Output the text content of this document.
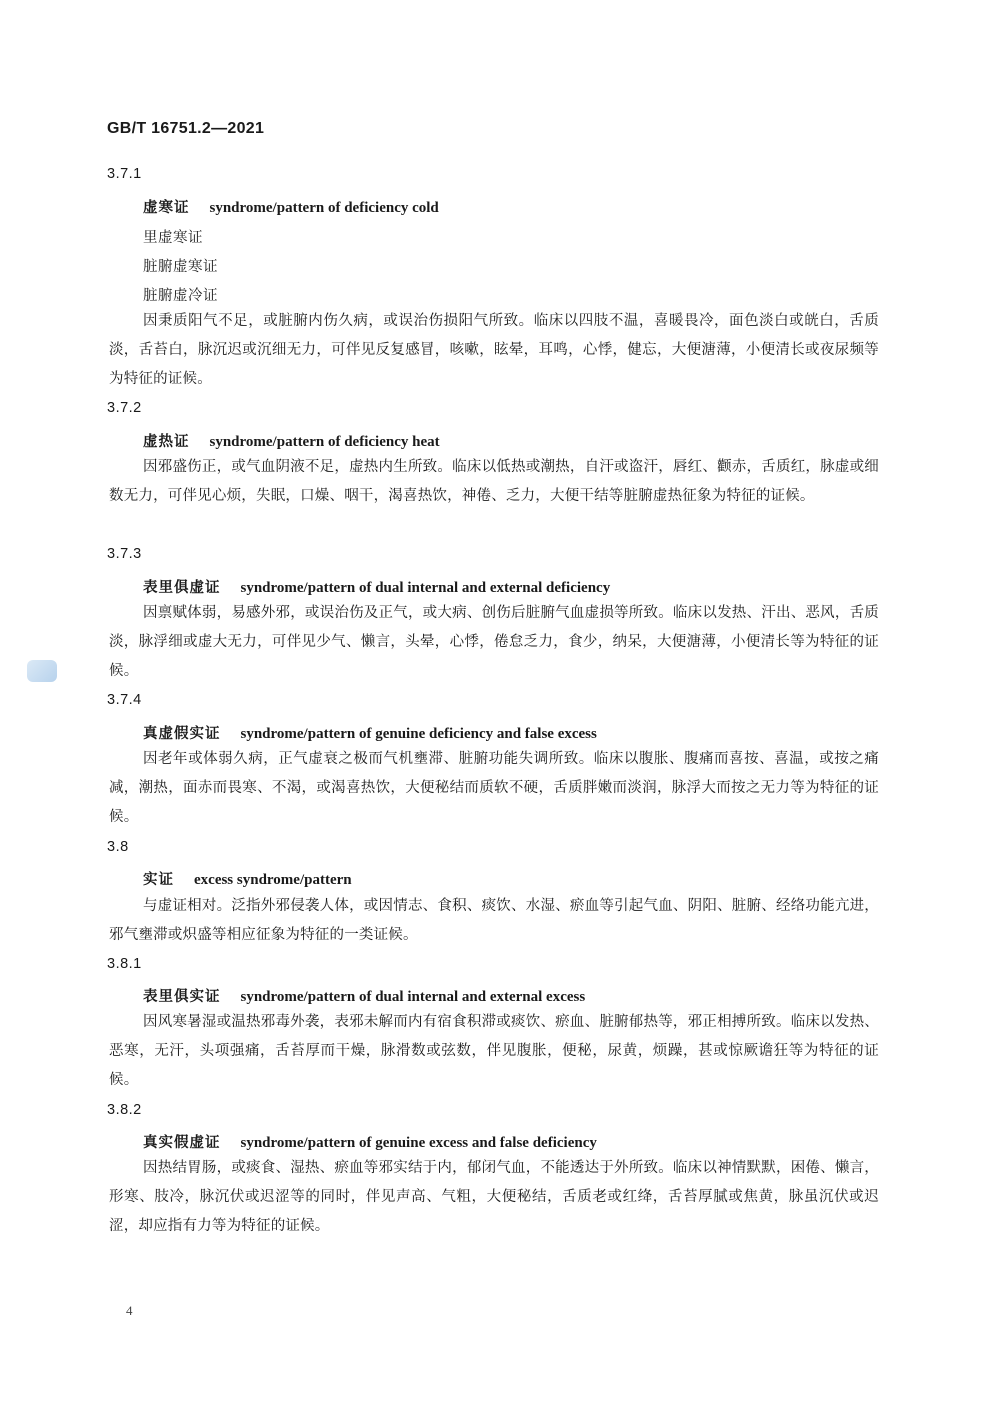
GB/T 16751.2—2021
3.7.1
虚寒证 syndrome/pattern of deficiency cold
里虚寒证
脏腑虚寒证
脏腑虚冷证
因秉质阳气不足，或脏腑内伤久病，或误治伤损阳气所致。临床以四肢不温，喜暖畏冷，面色淡白或㿠白，舌质淡，舌苔白，脉沉迟或沉细无力，可伴见反复感冒，咳嗽，眩晕，耳鸣，心悸，健忘，大便溏薄，小便清长或夜尿频等为特征的证候。
3.7.2
虚热证 syndrome/pattern of deficiency heat
因邪盛伤正，或气血阴液不足，虚热内生所致。临床以低热或潮热，自汗或盗汗，唇红、颧赤，舌质红，脉虚或细数无力，可伴见心烦，失眠，口燥、咽干，渴喜热饮，神倦、乏力，大便干结等脏腑虚热征象为特征的证候。
3.7.3
表里俱虚证 syndrome/pattern of dual internal and external deficiency
因禀赋体弱，易感外邪，或误治伤及正气，或大病、创伤后脏腑气血虚损等所致。临床以发热、汗出、恶风，舌质淡，脉浮细或虚大无力，可伴见少气、懒言，头晕，心悸，倦怠乏力，食少，纳呆，大便溏薄，小便清长等为特征的证候。
3.7.4
真虚假实证 syndrome/pattern of genuine deficiency and false excess
因老年或体弱久病，正气虚衰之极而气机壅滞、脏腑功能失调所致。临床以腹胀、腹痛而喜按、喜温，或按之痛减，潮热，面赤而畏寒、不渴，或渴喜热饮，大便秘结而质软不硬，舌质胖嫩而淡润，脉浮大而按之无力等为特征的证候。
3.8
实证 excess syndrome/pattern
与虚证相对。泛指外邪侵袭人体，或因情志、食积、痰饮、水湿、瘀血等引起气血、阴阳、脏腑、经络功能亢进，邪气壅滞或炽盛等相应征象为特征的一类证候。
3.8.1
表里俱实证 syndrome/pattern of dual internal and external excess
因风寒暑湿或温热邪毒外袭，表邪未解而内有宿食积滞或痰饮、瘀血、脏腑郁热等，邪正相搏所致。临床以发热、恶寒，无汗，头项强痛，舌苔厚而干燥，脉滑数或弦数，伴见腹胀，便秘，尿黄，烦躁，甚或惊厥谵狂等为特征的证候。
3.8.2
真实假虚证 syndrome/pattern of genuine excess and false deficiency
因热结胃肠，或痰食、湿热、瘀血等邪实结于内，郁闭气血，不能透达于外所致。临床以神情默默，困倦、懒言，形寒、肢冷，脉沉伏或迟涩等的同时，伴见声高、气粗，大便秘结，舌质老或红绛，舌苔厚腻或焦黄，脉虽沉伏或迟涩，却应指有力等为特征的证候。
4
